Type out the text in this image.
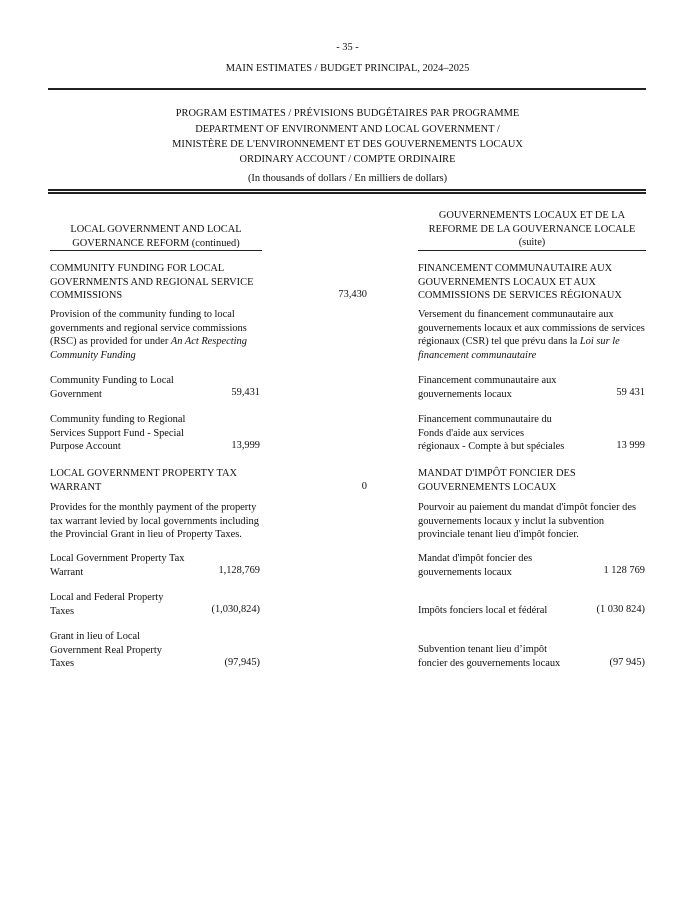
- 35 -
MAIN ESTIMATES / BUDGET PRINCIPAL, 2024–2025
PROGRAM ESTIMATES / PRÉVISIONS BUDGÉTAIRES PAR PROGRAMME
DEPARTMENT OF ENVIRONMENT AND LOCAL GOVERNMENT /
MINISTÈRE DE L'ENVIRONNEMENT ET DES GOUVERNEMENTS LOCAUX
ORDINARY ACCOUNT / COMPTE ORDINAIRE
(In thousands of dollars / En milliers de dollars)
LOCAL GOVERNMENT AND LOCAL
GOVERNANCE REFORM (continued)
GOUVERNEMENTS LOCAUX ET DE LA
REFORME DE LA GOUVERNANCE LOCALE
(suite)
COMMUNITY FUNDING FOR LOCAL
GOVERNMENTS AND REGIONAL SERVICE
COMMISSIONS	73,430
FINANCEMENT COMMUNAUTAIRE AUX
GOUVERNEMENTS LOCAUX ET AUX
COMMISSIONS DE SERVICES RÉGIONAUX
Provision of the community funding to local
governments and regional service commissions
(RSC) as provided for under An Act Respecting
Community Funding
Versement du financement communautaire aux
gouvernements locaux et aux commissions de services
régionaux (CSR) tel que prévu dans la Loi sur le
financement communautaire
Community Funding to Local
Government	59,431
Financement communautaire aux
gouvernements locaux	59 431
Community funding to Regional
Services Support Fund - Special
Purpose Account	13,999
Financement communautaire du
Fonds d'aide aux services
régionaux - Compte à but spéciales	13 999
LOCAL GOVERNMENT PROPERTY TAX
WARRANT	0
MANDAT D'IMPÔT FONCIER DES
GOUVERNEMENTS LOCAUX
Provides for the monthly payment of the property
tax warrant levied by local governments including
the Provincial Grant in lieu of Property Taxes.
Pourvoir au paiement du mandat d'impôt foncier des
gouvernements locaux y inclut la subvention
provinciale tenant lieu d'impôt foncier.
Local Government Property Tax
Warrant	1,128,769
Mandat d'impôt foncier des
gouvernements locaux	1 128 769
Local and Federal Property
Taxes	(1,030,824)	Impôts fonciers local et fédéral	(1 030 824)
Grant in lieu of Local
Government Real Property
Taxes	(97,945)
Subvention tenant lieu d’impôt
foncier des gouvernements locaux	(97 945)
